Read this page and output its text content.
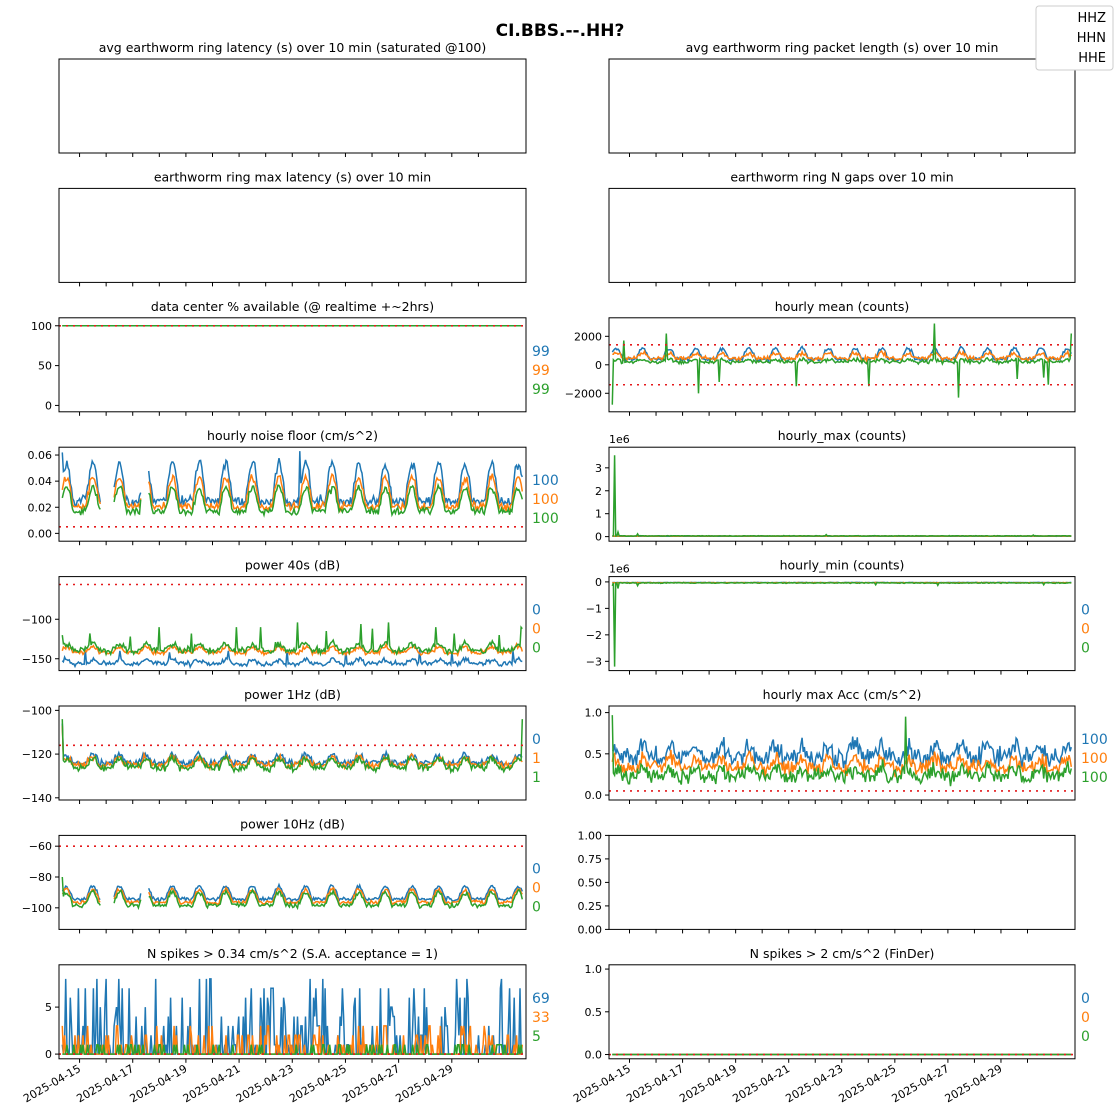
CI.BBS.--.HH?
avg earthworm ring latency (s) over 10 min (saturated @100)	avg earthworm ring packet length (s) over 10 min
earthworm ring max latency (s) over 10 min	earthworm ring N gaps over 10 min
data center % available (@ realtime +~2hrs)
0
50
100
99
99
99
hourly mean (counts)
−2000
0
2000
hourly noise floor (cm/s^2)
0.00
0.02
0.04
0.06
100
100
100
hourly_max (counts)
0
1
2
3
1e6
power 40s (dB)
−150
−100
0
0
0
hourly_min (counts)
−3
−2
−1
0
1e6
0
0
0
power 1Hz (dB)
−140
−120
−100
0
1
1
hourly max Acc (cm/s^2)
0.0
0.5
1.0
100
100
100
power 10Hz (dB)
−100
−80
−60
0
0
0
0.00
0.25
0.50
0.75
1.00
N spikes > 0.34 cm/s^2 (S.A. acceptance = 1)
0
5
2025-04-15
2025-04-17
2025-04-19
2025-04-21
2025-04-23
2025-04-25
2025-04-27
2025-04-29
69
33
5
N spikes > 2 cm/s^2 (FinDer)
0.0
0.5
1.0
2025-04-15
2025-04-17
2025-04-19
2025-04-21
2025-04-23
2025-04-25
2025-04-27
2025-04-29
0
0
0
HHZ
HHN
HHE
